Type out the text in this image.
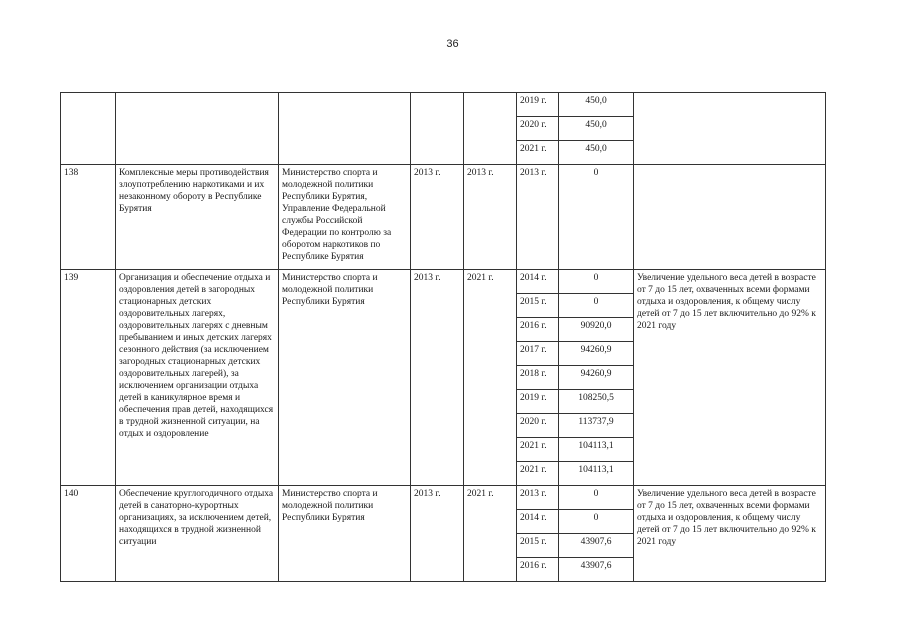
36
					2019 г.	450,0	
					2020 г.	450,0	
					2021 г.	450,0	
138	Комплексные меры противодействия злоупотреблению наркотиками и их незаконному обороту в Республике Бурятия	Министерство спорта и молодежной политики Республики Бурятия, Управление Федеральной службы Российской Федерации по контролю за оборотом наркотиков по Республике Бурятия	2013 г.	2013 г.	2013 г.	0	
139	Организация и обеспечение отдыха и оздоровления детей в загородных стационарных детских оздоровительных лагерях, оздоровительных лагерях с дневным пребыванием и иных детских лагерях сезонного действия (за исключением загородных стационарных детских оздоровительных лагерей), за исключением организации отдыха детей в каникулярное время и обеспечения прав детей, находящихся в трудной жизненной ситуации, на отдых и оздоровление	Министерство спорта и молодежной политики Республики Бурятия	2013 г.	2021 г.	2014 г.	0	Увеличение удельного веса детей в возрасте от 7 до 15 лет, охваченных всеми формами отдыха и оздоровления, к общему числу детей от 7 до 15 лет включительно до 92% к 2021 году
					2015 г.	0	
					2016 г.	90920,0	
					2017 г.	94260,9	
					2018 г.	94260,9	
					2019 г.	108250,5	
					2020 г.	113737,9	
					2021 г.	104113,1	
					2021 г.	104113,1	
140	Обеспечение круглогодичного отдыха детей в санаторно-курортных организациях, за исключением детей, находящихся в трудной жизненной ситуации	Министерство спорта и молодежной политики Республики Бурятия	2013 г.	2021 г.	2013 г.	0	Увеличение удельного веса детей в возрасте от 7 до 15 лет, охваченных всеми формами отдыха и оздоровления, к общему числу детей от 7 до 15 лет включительно до 92% к 2021 году
					2014 г.	0	
					2015 г.	43907,6	
					2016 г.	43907,6	
